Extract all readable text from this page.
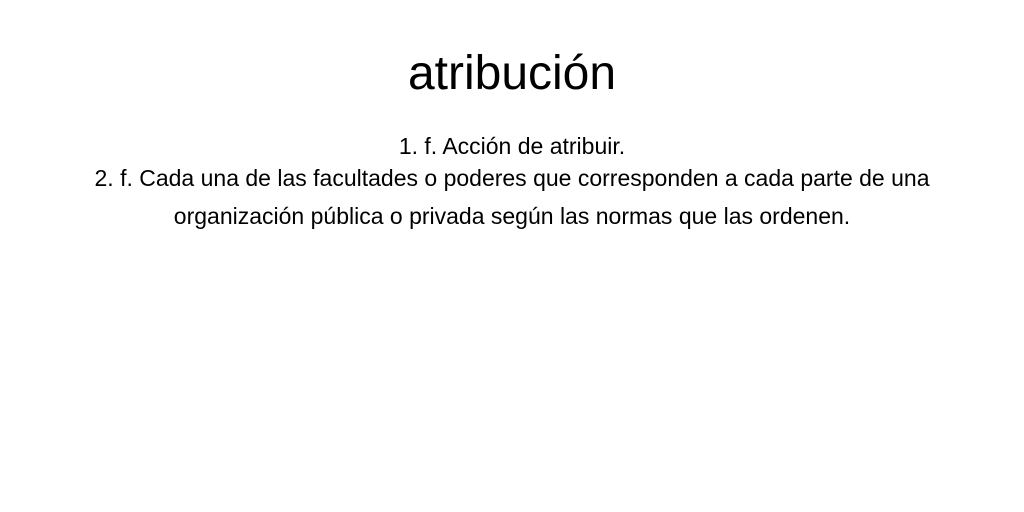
atribución
1. f. Acción de atribuir.
2. f. Cada una de las facultades o poderes que corresponden a cada parte de una organización pública o privada según las normas que las ordenen.
